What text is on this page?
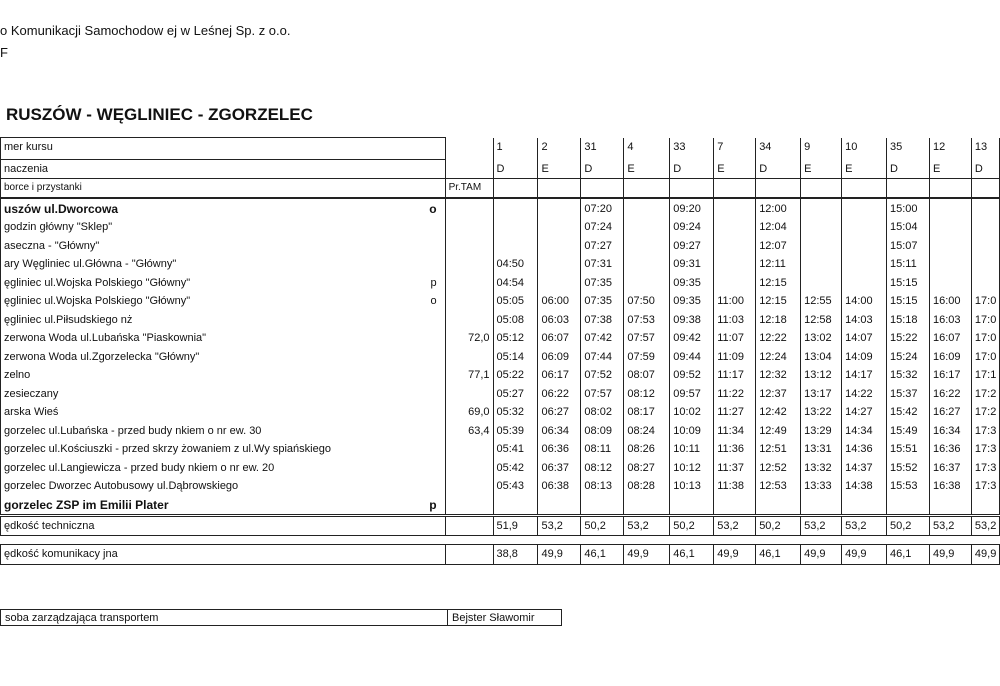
o Komunikacji Samochodow ej w Leśnej Sp. z o.o.
F
RUSZÓW - WĘGLINIEC - ZGORZELEC
mer kursu		1	2	31	4	33	7	34	9	10	35	12	13
naczenia		D	E	D	E	D	E	D	E	E	D	E	D
borce i przystanki	Pr.TAM												
uszów ul.Dworcowa o				07:20		09:20		12:00			15:00		
godzin główny "Sklep"				07:24		09:24		12:04			15:04		
aseczna - "Główny"				07:27		09:27		12:07			15:07		
ary Węgliniec ul.Główna - "Główny"		04:50		07:31		09:31		12:11			15:11		
ęgliniec ul.Wojska Polskiego "Główny" p		04:54		07:35		09:35		12:15			15:15		
ęgliniec ul.Wojska Polskiego "Główny" o		05:05	06:00	07:35	07:50	09:35	11:00	12:15	12:55	14:00	15:15	16:00	17:0
ęgliniec ul.Piłsudskiego nż		05:08	06:03	07:38	07:53	09:38	11:03	12:18	12:58	14:03	15:18	16:03	17:0
zerwona Woda ul.Lubańska "Piaskownia"	72,0	05:12	06:07	07:42	07:57	09:42	11:07	12:22	13:02	14:07	15:22	16:07	17:0
zerwona Woda ul.Zgorzelecka "Główny"		05:14	06:09	07:44	07:59	09:44	11:09	12:24	13:04	14:09	15:24	16:09	17:0
zelno	77,1	05:22	06:17	07:52	08:07	09:52	11:17	12:32	13:12	14:17	15:32	16:17	17:1
zesieczany		05:27	06:22	07:57	08:12	09:57	11:22	12:37	13:17	14:22	15:37	16:22	17:2
arska Wieś	69,0	05:32	06:27	08:02	08:17	10:02	11:27	12:42	13:22	14:27	15:42	16:27	17:2
gorzelec ul.Lubańska - przed budy nkiem o nr ew. 30	63,4	05:39	06:34	08:09	08:24	10:09	11:34	12:49	13:29	14:34	15:49	16:34	17:3
gorzelec ul.Kościuszki - przed skrzy żowaniem z ul.Wy spiańskiego		05:41	06:36	08:11	08:26	10:11	11:36	12:51	13:31	14:36	15:51	16:36	17:3
gorzelec ul.Langiewicza - przed budy nkiem o nr ew. 20		05:42	06:37	08:12	08:27	10:12	11:37	12:52	13:32	14:37	15:52	16:37	17:3
gorzelec Dworzec Autobusowy ul.Dąbrowskiego		05:43	06:38	08:13	08:28	10:13	11:38	12:53	13:33	14:38	15:53	16:38	17:3
gorzelec ZSP im Emilii Plater p													

ędkość techniczna		51,9	53,2	50,2	53,2	50,2	53,2	50,2	53,2	53,2	50,2	53,2	53,2

ędkość komunikacy jna		38,8	49,9	46,1	49,9	46,1	49,9	46,1	49,9	49,9	46,1	49,9	49,9
soba zarządzająca transportem	Bejster Sławomir
